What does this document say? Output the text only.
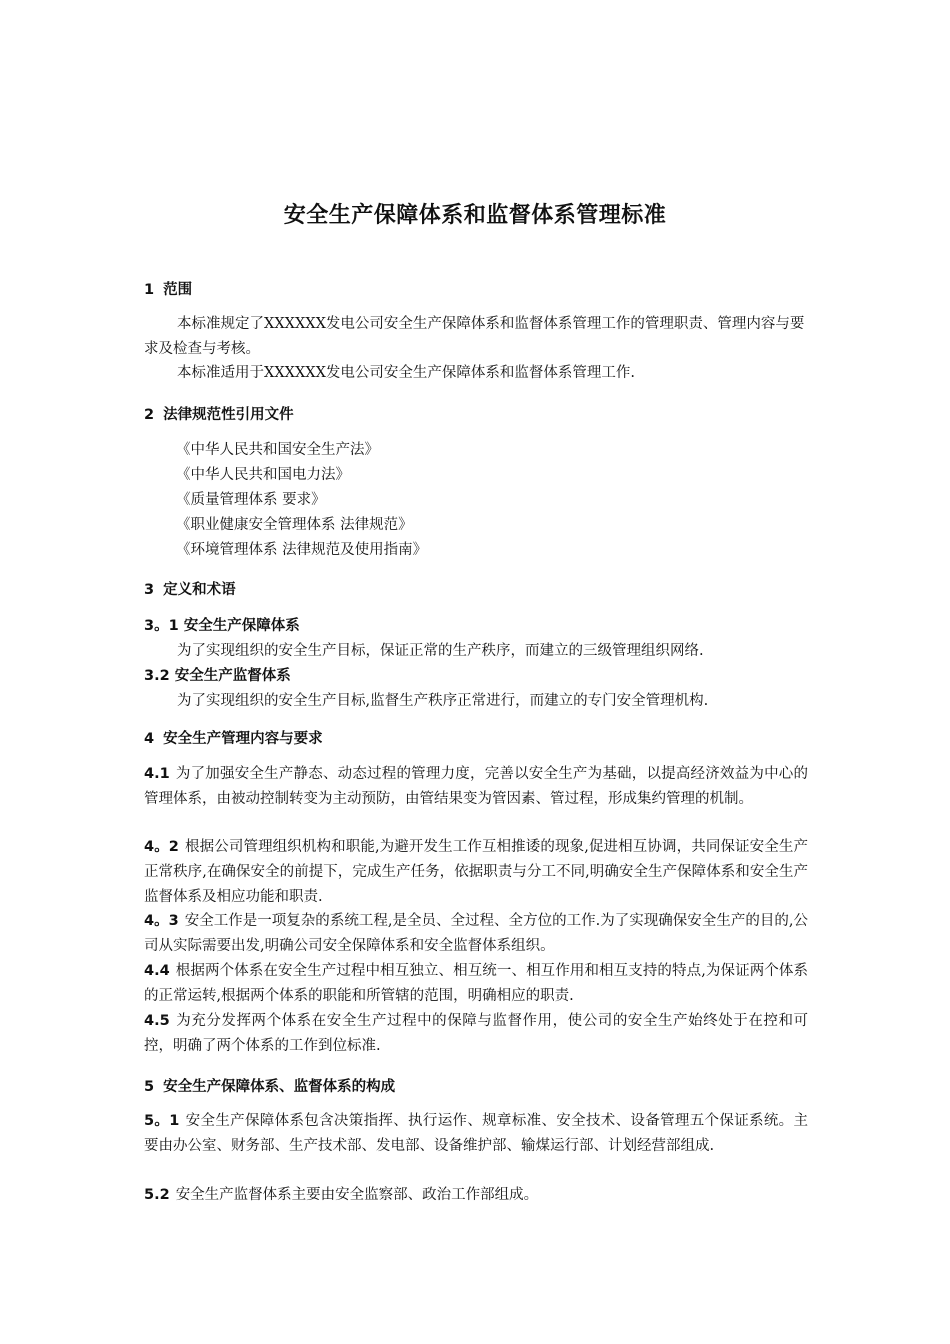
安全生产保障体系和监督体系管理标准
1 范围
本标准规定了XXXXXX发电公司安全生产保障体系和监督体系管理工作的管理职责、管理内容与要求及检查与考核。
本标准适用于XXXXXX发电公司安全生产保障体系和监督体系管理工作.
2 法律规范性引用文件
《中华人民共和国安全生产法》
《中华人民共和国电力法》
《质量管理体系 要求》
《职业健康安全管理体系 法律规范》
《环境管理体系 法律规范及使用指南》
3 定义和术语
3。1 安全生产保障体系
为了实现组织的安全生产目标，保证正常的生产秩序，而建立的三级管理组织网络.
3.2 安全生产监督体系
为了实现组织的安全生产目标,监督生产秩序正常进行，而建立的专门安全管理机构.
4 安全生产管理内容与要求
4.1 为了加强安全生产静态、动态过程的管理力度，完善以安全生产为基础，以提高经济效益为中心的管理体系，由被动控制转变为主动预防，由管结果变为管因素、管过程，形成集约管理的机制。
4。2 根据公司管理组织机构和职能,为避开发生工作互相推诿的现象,促进相互协调，共同保证安全生产正常秩序,在确保安全的前提下，完成生产任务，依据职责与分工不同,明确安全生产保障体系和安全生产监督体系及相应功能和职责.
4。3 安全工作是一项复杂的系统工程,是全员、全过程、全方位的工作.为了实现确保安全生产的目的,公司从实际需要出发,明确公司安全保障体系和安全监督体系组织。
4.4 根据两个体系在安全生产过程中相互独立、相互统一、相互作用和相互支持的特点,为保证两个体系的正常运转,根据两个体系的职能和所管辖的范围，明确相应的职责.
4.5 为充分发挥两个体系在安全生产过程中的保障与监督作用，使公司的安全生产始终处于在控和可控，明确了两个体系的工作到位标准.
5 安全生产保障体系、监督体系的构成
5。1 安全生产保障体系包含决策指挥、执行运作、规章标准、安全技术、设备管理五个保证系统。主要由办公室、财务部、生产技术部、发电部、设备维护部、输煤运行部、计划经营部组成.
5.2 安全生产监督体系主要由安全监察部、政治工作部组成。
